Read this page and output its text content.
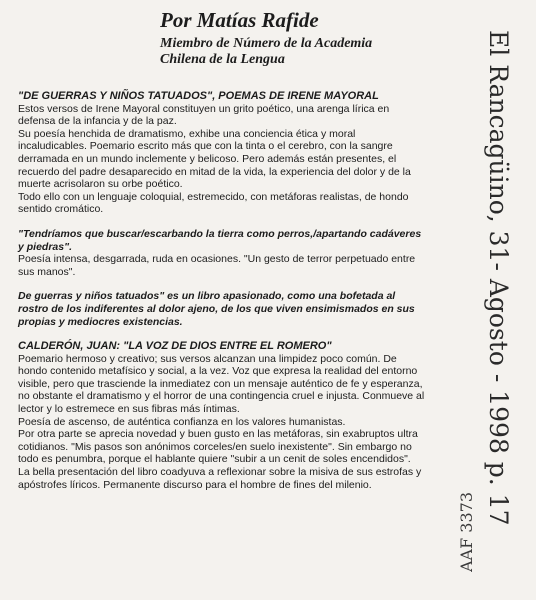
Por Matías Rafide

Miembro de Número de la Academia

Chilena de la Lengua

"DE GUERRAS Y NIÑOS TATUADOS", POEMAS DE IRENE MAYORAL

Estos versos de Irene Mayoral constituyen un grito poético, una arenga lírica en defensa de la infancia y de la paz.

Su poesía henchida de dramatismo, exhibe una conciencia ética y moral incaludicables. Poemario escrito más que con la tinta o el cerebro, con la sangre derramada en un mundo inclemente y belicoso. Pero además están presentes, el recuerdo del padre desaparecido en mitad de la vida, la experiencia del dolor y de la muerte acrisolaron su orbe poético.

Todo ello con un lenguaje coloquial, estremecido, con metáforas realistas, de hondo sentido cromático.

"Tendríamos que buscar/escarbando la tierra como perros,/apartando cadáveres y piedras".

Poesía intensa, desgarrada, ruda en ocasiones. "Un gesto de terror perpetuado entre sus manos".

De guerras y niños tatuados" es un libro apasionado, como una bofetada al rostro de los indiferentes al dolor ajeno, de los que viven ensimismados en sus propias y mediocres existencias.

CALDERÓN, JUAN: "LA VOZ DE DIOS ENTRE EL ROMERO"

Poemario hermoso y creativo; sus versos alcanzan una limpidez poco común. De hondo contenido metafísico y social, a la vez. Voz que expresa la realidad del entorno visible, pero que trasciende la inmediatez con un mensaje auténtico de fe y esperanza, no obstante el dramatismo y el horror de una contingencia cruel e injusta. Conmueve al lector y lo estremece en sus fibras más íntimas.

Poesía de ascenso, de auténtica confianza en los valores humanistas.

Por otra parte se aprecia novedad y buen gusto en las metáforas, sin exabruptos ultra cotidianos. "Mis pasos son anónimos corceles/en suelo inexistente". Sin embargo no todo es penumbra, porque el hablante quiere "subir a un cenit de soles encendidos".

La bella presentación del libro coadyuva a reflexionar sobre la misiva de sus estrofas y apóstrofes líricos. Permanente discurso para el hombre de fines del milenio.	El Rancagüino, 31- Agosto - 1998 p. 17
AAF 3373
